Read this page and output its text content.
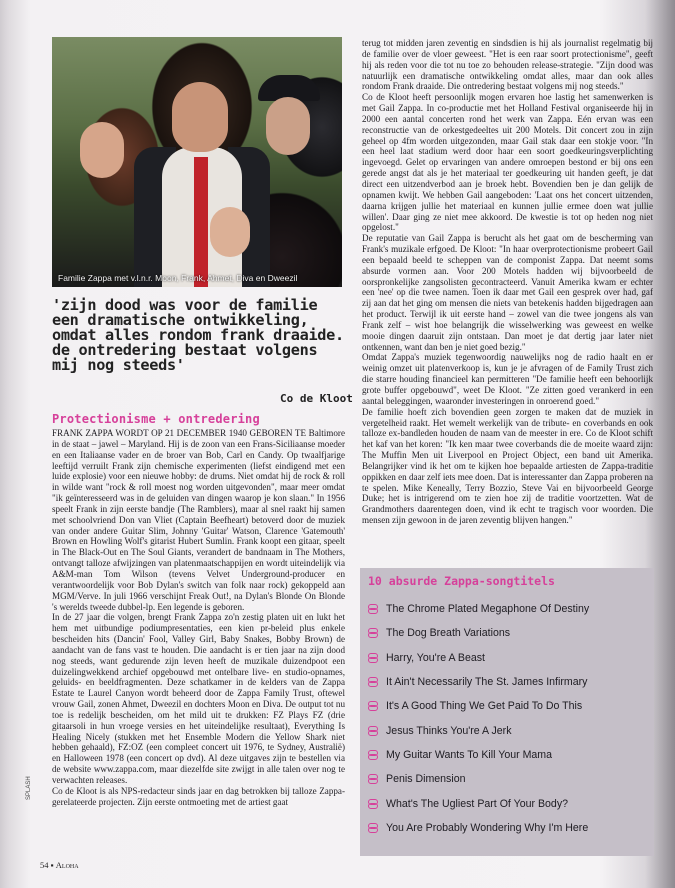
Familie Zappa met v.l.n.r. Moon, Frank, Ahmet, Diva en Dweezil

'zijn dood was voor de familie een dramatische ontwikkeling, omdat alles rondom frank draaide. de ontredering bestaat volgens mij nog steeds'

Co de Kloot
Protectionisme + ontredering

FRANK ZAPPA WORDT OP 21 DECEMBER 1940 GEBOREN TE Baltimore in de staat – jawel – Maryland. Hij is de zoon van een Frans-Siciliaanse moeder en een Italiaanse vader en de broer van Bob, Carl en Candy. Op twaalfjarige leeftijd verruilt Frank zijn chemische experimenten (liefst eindigend met een luide explosie) voor een nieuwe hobby: de drums. Niet omdat hij de rock & roll in wilde want "rock & roll moest nog worden uitgevonden", maar meer omdat "ik geïnteresseerd was in de geluiden van dingen waarop je kon slaan." In 1956 speelt Frank in zijn eerste bandje (The Ramblers), maar al snel raakt hij samen met schoolvriend Don van Vliet (Captain Beefheart) betoverd door de muziek van onder andere Guitar Slim, Johnny 'Guitar' Watson, Clarence 'Gatemouth' Brown en Howling Wolf's gitarist Hubert Sumlin. Frank koopt een gitaar, speelt in The Black-Out en The Soul Giants, verandert de bandnaam in The Mothers, ontvangt talloze afwijzingen van platenmaatschappijen en wordt uiteindelijk via A&M-man Tom Wilson (tevens Velvet Underground-producer en verantwoordelijk voor Bob Dylan's switch van folk naar rock) gekoppeld aan MGM/Verve. In juli 1966 verschijnt Freak Out!, na Dylan's Blonde On Blonde 's werelds tweede dubbel-lp. Een legende is geboren.

In de 27 jaar die volgen, brengt Frank Zappa zo'n zestig platen uit en lukt het hem met uitbundige podiumpresentaties, een kien pr-beleid plus enkele bescheiden hits (Dancin' Fool, Valley Girl, Baby Snakes, Bobby Brown) de aandacht van de fans vast te houden. Die aandacht is er tien jaar na zijn dood nog steeds, want gedurende zijn leven heeft de muzikale duizendpoot een duizelingwekkend archief opgebouwd met ontelbare live- en studio-opnames, geluids- en beeldfragmenten. Deze schatkamer in de kelders van de Zappa Estate te Laurel Canyon wordt beheerd door de Zappa Family Trust, oftewel vrouw Gail, zonen Ahmet, Dweezil en dochters Moon en Diva. De output tot nu toe is redelijk bescheiden, om het mild uit te drukken: FZ Plays FZ (drie gitaarsoli in hun vroege versies en het uiteindelijke resultaat), Everything Is Healing Nicely (stukken met het Ensemble Modern die Yellow Shark niet hebben gehaald), FZ:OZ (een compleet concert uit 1976, te Sydney, Australië) en Halloween 1978 (een concert op dvd). Al deze uitgaves zijn te bestellen via de website www.zappa.com, maar diezelfde site zwijgt in alle talen over nog te verwachten releases.

Co de Kloot is als NPS-redacteur sinds jaar en dag betrokken bij talloze Zappa-gerelateerde projecten. Zijn eerste ontmoeting met de artiest gaat

terug tot midden jaren zeventig en sindsdien is hij als journalist regelmatig bij de familie over de vloer geweest. "Het is een raar soort protectionisme", geeft hij als reden voor die tot nu toe zo behouden release-strategie. "Zijn dood was natuurlijk een dramatische ontwikkeling omdat alles, maar dan ook alles rondom Frank draaide. Die ontredering bestaat volgens mij nog steeds."

Co de Kloot heeft persoonlijk mogen ervaren hoe lastig het samenwerken is met Gail Zappa. In co-productie met het Holland Festival organiseerde hij in 2000 een aantal concerten rond het werk van Zappa. Eén ervan was een reconstructie van de orkestgedeeltes uit 200 Motels. Dit concert zou in zijn geheel op 4fm worden uitgezonden, maar Gail stak daar een stokje voor. "In een heel laat stadium werd door haar een soort goedkeuringsverplichting ingevoegd. Gelet op ervaringen van andere omroepen bestond er bij ons een gerede angst dat als je het materiaal ter goedkeuring uit handen geeft, je dat direct een uitzendverbod aan je broek hebt. Bovendien ben je dan gelijk de opnamen kwijt. We hebben Gail aangeboden: 'Laat ons het concert uitzenden, daarna krijgen jullie het materiaal en kunnen jullie ermee doen wat jullie willen'. Daar ging ze niet mee akkoord. De kwestie is tot op heden nog niet opgelost."

De reputatie van Gail Zappa is berucht als het gaat om de bescherming van Frank's muzikale erfgoed. De Kloot: "In haar overprotectionisme probeert Gail een bepaald beeld te scheppen van de componist Zappa. Dat neemt soms absurde vormen aan. Voor 200 Motels hadden wij bijvoorbeeld de oorspronkelijke zangsolisten gecontracteerd. Vanuit Amerika kwam er echter een 'nee' op die twee namen. Toen ik daar met Gail een gesprek over had, gaf zij aan dat het ging om mensen die niets van betekenis hadden bijgedragen aan het product. Terwijl ik uit eerste hand – zowel van die twee jongens als van Frank zelf – wist hoe belangrijk die wisselwerking was geweest en welke mooie dingen daaruit zijn ontstaan. Dan moet je dat dertig jaar later niet ontkennen, want dan ben je niet goed bezig."

Omdat Zappa's muziek tegenwoordig nauwelijks nog de radio haalt en er weinig omzet uit platenverkoop is, kun je je afvragen of de Family Trust zich die starre houding financieel kan permitteren "De familie heeft een behoorlijk grote buffer opgebouwd", weet De Kloot. "Ze zitten goed verankerd in een aantal beleggingen, waaronder investeringen in onroerend goed."

De familie hoeft zich bovendien geen zorgen te maken dat de muziek in vergetelheid raakt. Het wemelt werkelijk van de tribute- en coverbands en ook talloze ex-bandleden houden de naam van de meester in ere. Co de Kloot schift het kaf van het koren: "Ik ken maar twee coverbands die de moeite waard zijn: The Muffin Men uit Liverpool en Project Object, een band uit Amerika. Belangrijker vind ik het om te kijken hoe bepaalde artiesten de Zappa-traditie oppikken en daar zelf iets mee doen. Dat is interessanter dan Zappa proberen na te spelen. Mike Keneally, Terry Bozzio, Steve Vai en bijvoorbeeld George Duke; het is intrigerend om te zien hoe zij de traditie voortzetten. Wat de Grandmothers daarentegen doen, vind ik echt te tragisch voor woorden. Die mensen zijn gewoon in de jaren zeventig blijven hangen."

10 absurde Zappa-songtitels
The Chrome Plated Megaphone Of Destiny
The Dog Breath Variations
Harry, You're A Beast
It Ain't Necessarily The St. James Infirmary
It's A Good Thing We Get Paid To Do This
Jesus Thinks You're A Jerk
My Guitar Wants To Kill Your Mama
Penis Dimension
What's The Ugliest Part Of Your Body?
You Are Probably Wondering Why I'm Here
SPLASH
54 ▪ Aloha
